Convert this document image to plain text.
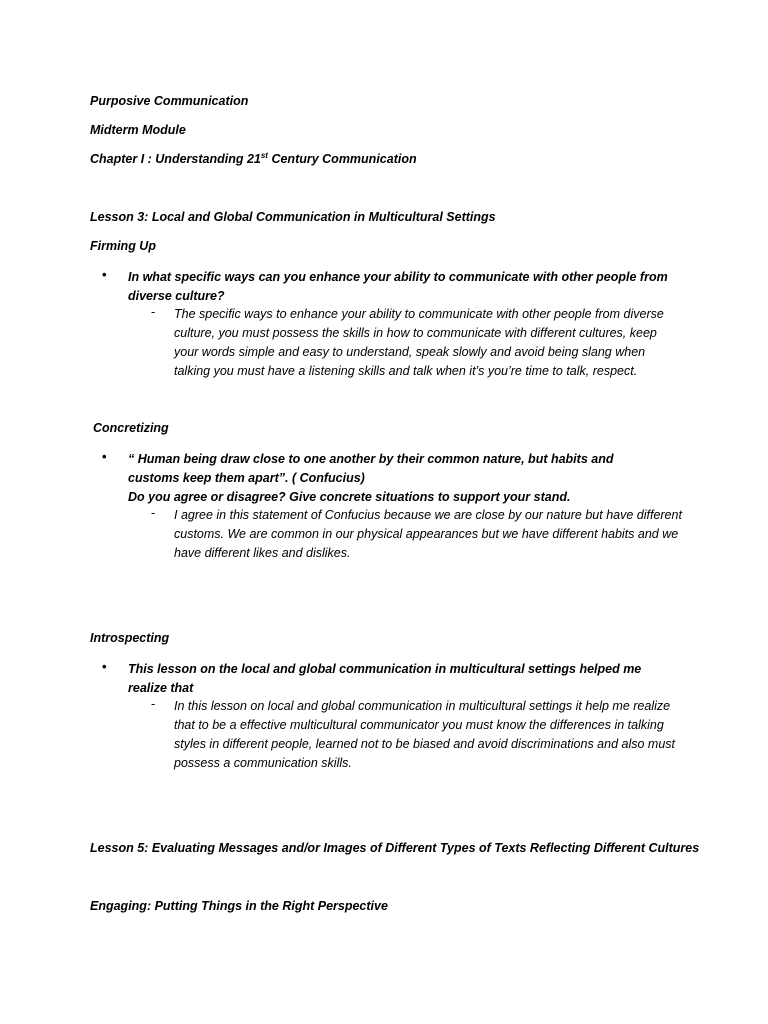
Purposive Communication
Midterm Module
Chapter I : Understanding 21st Century Communication
Lesson 3: Local and Global Communication in Multicultural Settings
Firming Up
• In what specific ways can you enhance your ability to communicate with other people from diverse culture?
- The specific ways to enhance your ability to communicate with other people from diverse culture, you must possess the skills in how to communicate with different cultures, keep your words simple and easy to understand, speak slowly and avoid being slang when talking you must have a listening skills and talk when it’s you’re time to talk, respect.
Concretizing
• “ Human being draw close to one another by their common nature, but habits and customs keep them apart”. ( Confucius)
Do you agree or disagree? Give concrete situations to support your stand.
- I agree in this statement of Confucius because we are close by our nature but have different customs. We are common in our physical appearances but we have different habits and we have different likes and dislikes.
Introspecting
• This lesson on the local and global communication in multicultural settings helped me realize that
- In this lesson on local and global communication in multicultural settings it help me realize that to be a effective multicultural communicator you must know the differences in talking styles in different people, learned not to be biased and avoid discriminations and also must possess a communication skills.
Lesson 5: Evaluating Messages and/or Images of Different Types of Texts Reflecting Different Cultures
Engaging: Putting Things in the Right Perspective
